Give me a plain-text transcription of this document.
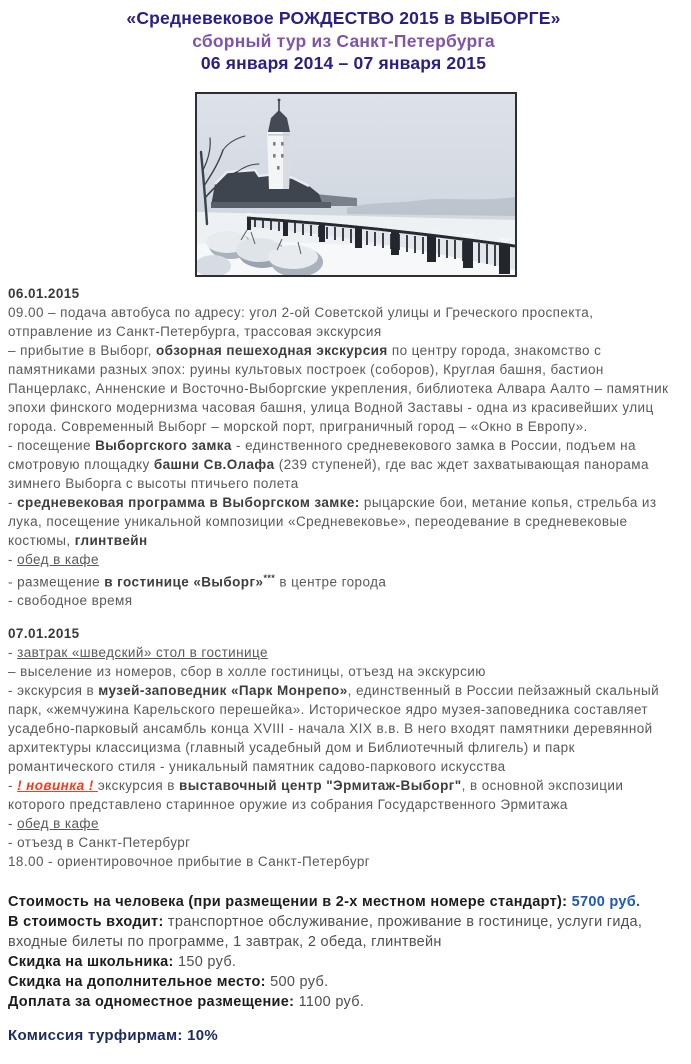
«Средневековое РОЖДЕСТВО 2015 в ВЫБОРГЕ»
сборный тур из Санкт-Петербурга
06 января 2014 – 07 января 2015
06.01.2015

09.00 – подача автобуса по адресу: угол 2-ой Советской улицы и Греческого проспекта, отправление из Санкт-Петербурга, трассовая экскурсия

– прибытие в Выборг, обзорная пешеходная экскурсия по центру города, знакомство с памятниками разных эпох: руины культовых построек (соборов), Круглая башня, бастион Панцерлакс, Анненские и Восточно-Выборгские укрепления, библиотека Алвара Аалто – памятник эпохи финского модернизма часовая башня, улица Водной Заставы - одна из красивейших улиц города. Современный Выборг – морской порт, приграничный город – «Окно в Европу».

- посещение Выборгского замка - единственного средневекового замка в России, подъем на смотровую площадку башни Св.Олафа (239 ступеней), где вас ждет захватывающая панорама зимнего Выборга с высоты птичьего полета

- средневековая программа в Выборгском замке: рыцарские бои, метание копья, стрельба из лука, посещение уникальной композиции «Средневековье», переодевание в средневековые костюмы, глинтвейн

- обед в кафе

- размещение в гостинице «Выборг»*** в центре города

- свободное время

07.01.2015

- завтрак «шведский» стол в гостинице

– выселение из номеров, сбор в холле гостиницы, отъезд на экскурсию

- экскурсия в музей-заповедник «Парк Монрепо», единственный в России пейзажный скальный парк, «жемчужина Карельского перешейка». Историческое ядро музея-заповедника составляет усадебно-парковый ансамбль конца XVIII - начала XIX в.в. В него входят памятники деревянной архитектуры классицизма (главный усадебный дом и Библиотечный флигель) и парк романтического стиля - уникальный памятник садово-паркового искусства

- ! новинка ! экскурсия в выставочный центр "Эрмитаж-Выборг", в основной экспозиции которого представлено старинное оружие из собрания Государственного Эрмитажа

- обед в кафе

- отъезд в Санкт-Петербург

18.00 - ориентировочное прибытие в Санкт-Петербург

Стоимость на человека (при размещении в 2-х местном номере стандарт): 5700 руб.

В стоимость входит: транспортное обслуживание, проживание в гостинице, услуги гида, входные билеты по программе, 1 завтрак, 2 обеда, глинтвейн

Скидка на школьника: 150 руб.

Скидка на дополнительное место: 500 руб.

Доплата за одноместное размещение: 1100 руб.

Комиссия турфирмам: 10%
